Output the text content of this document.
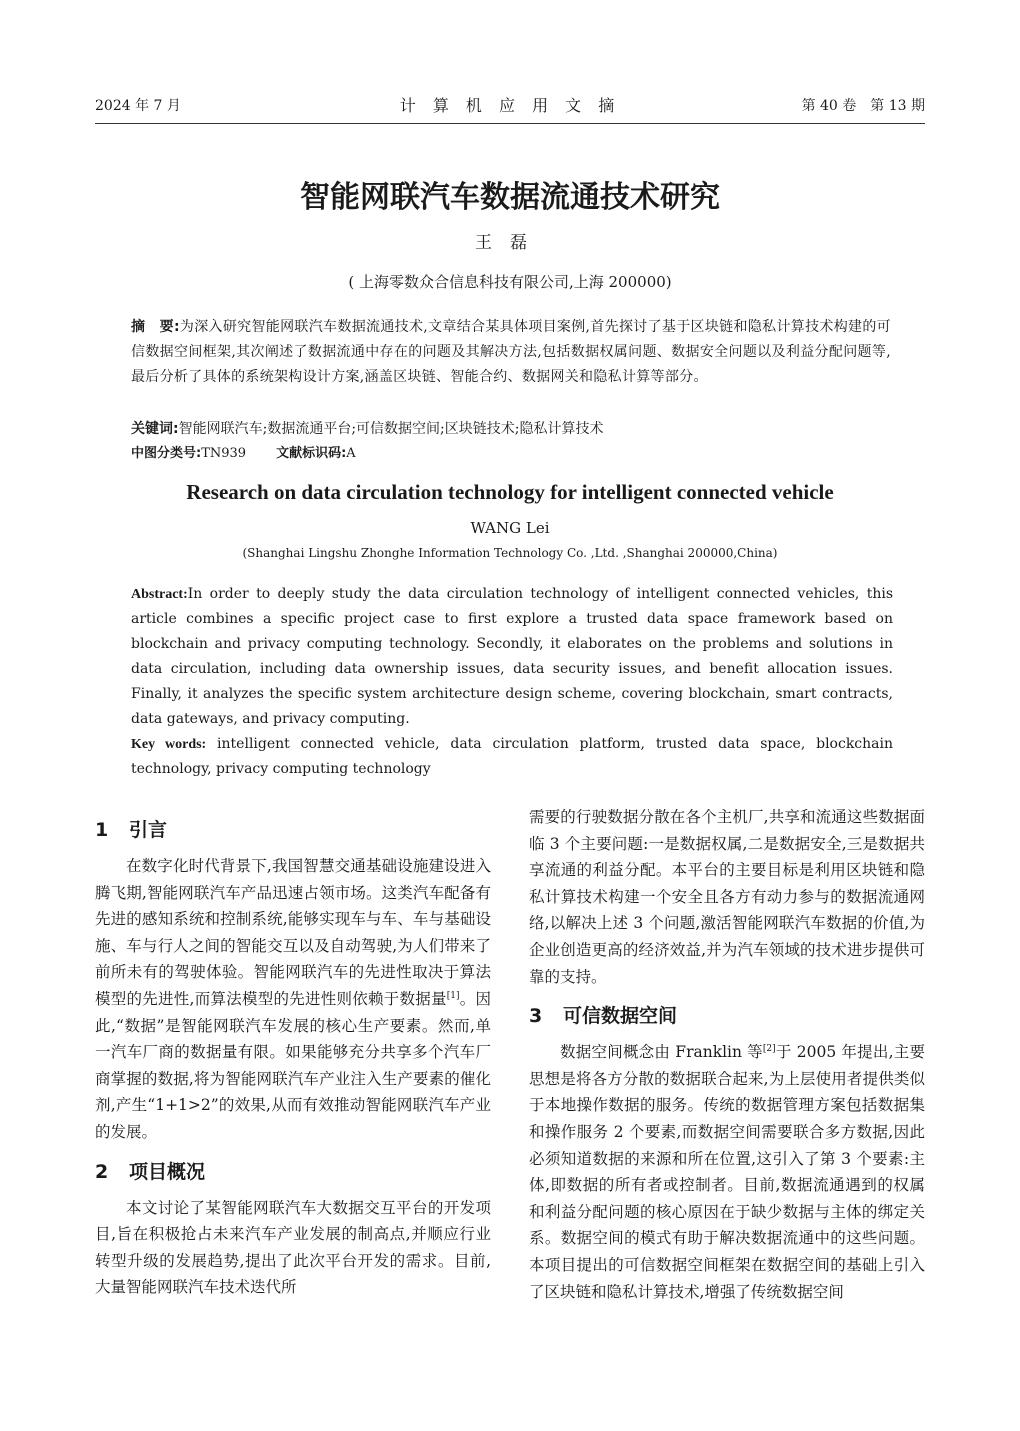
2024 年 7 月	计 算 机 应 用 文 摘	第 40 卷　第 13 期
智能网联汽车数据流通技术研究
王磊
( 上海零数众合信息科技有限公司,上海 200000)
摘　要:为深入研究智能网联汽车数据流通技术,文章结合某具体项目案例,首先探讨了基于区块链和隐私计算技术构建的可信数据空间框架,其次阐述了数据流通中存在的问题及其解决方法,包括数据权属问题、数据安全问题以及利益分配问题等,最后分析了具体的系统架构设计方案,涵盖区块链、智能合约、数据网关和隐私计算等部分。
关键词:智能网联汽车;数据流通平台;可信数据空间;区块链技术;隐私计算技术
中图分类号:TN939 文献标识码:A
Research on data circulation technology for intelligent connected vehicle
WANG Lei
(Shanghai Lingshu Zhonghe Information Technology Co. ,Ltd. ,Shanghai 200000,China)
Abstract:In order to deeply study the data circulation technology of intelligent connected vehicles, this article combines a specific project case to first explore a trusted data space framework based on blockchain and privacy computing technology. Secondly, it elaborates on the problems and solutions in data circulation, including data ownership issues, data security issues, and benefit allocation issues. Finally, it analyzes the specific system architecture design scheme, covering blockchain, smart contracts, data gateways, and privacy computing.
Key words: intelligent connected vehicle, data circulation platform, trusted data space, blockchain technology, privacy computing technology
1 引言

在数字化时代背景下,我国智慧交通基础设施建设进入腾飞期,智能网联汽车产品迅速占领市场。这类汽车配备有先进的感知系统和控制系统,能够实现车与车、车与基础设施、车与行人之间的智能交互以及自动驾驶,为人们带来了前所未有的驾驶体验。智能网联汽车的先进性取决于算法模型的先进性,而算法模型的先进性则依赖于数据量[1]。因此,“数据”是智能网联汽车发展的核心生产要素。然而,单一汽车厂商的数据量有限。如果能够充分共享多个汽车厂商掌握的数据,将为智能网联汽车产业注入生产要素的催化剂,产生“1+1>2”的效果,从而有效推动智能网联汽车产业的发展。

2 项目概况

本文讨论了某智能网联汽车大数据交互平台的开发项目,旨在积极抢占未来汽车产业发展的制高点,并顺应行业转型升级的发展趋势,提出了此次平台开发的需求。目前,大量智能网联汽车技术迭代所

需要的行驶数据分散在各个主机厂,共享和流通这些数据面临 3 个主要问题:一是数据权属,二是数据安全,三是数据共享流通的利益分配。本平台的主要目标是利用区块链和隐私计算技术构建一个安全且各方有动力参与的数据流通网络,以解决上述 3 个问题,激活智能网联汽车数据的价值,为企业创造更高的经济效益,并为汽车领域的技术进步提供可靠的支持。

3 可信数据空间

数据空间概念由 Franklin 等[2]于 2005 年提出,主要思想是将各方分散的数据联合起来,为上层使用者提供类似于本地操作数据的服务。传统的数据管理方案包括数据集和操作服务 2 个要素,而数据空间需要联合多方数据,因此必须知道数据的来源和所在位置,这引入了第 3 个要素:主体,即数据的所有者或控制者。目前,数据流通遇到的权属和利益分配问题的核心原因在于缺少数据与主体的绑定关系。数据空间的模式有助于解决数据流通中的这些问题。本项目提出的可信数据空间框架在数据空间的基础上引入了区块链和隐私计算技术,增强了传统数据空间
